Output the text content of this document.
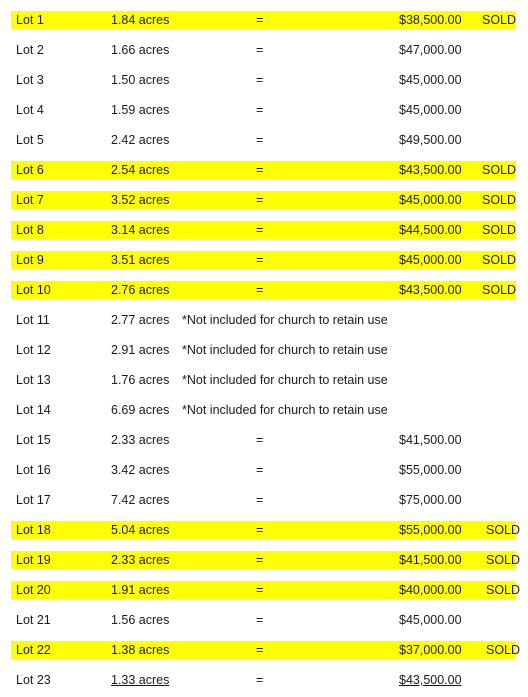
Lot 1	1.84 acres	=	$38,500.00 SOLD
Lot 2	1.66 acres	=	$47,000.00
Lot 3	1.50 acres	=	$45,000.00
Lot 4	1.59 acres	=	$45,000.00
Lot 5	2.42 acres	=	$49,500.00
Lot 6	2.54 acres	=	$43,500.00 SOLD
Lot 7	3.52 acres	=	$45,000.00 SOLD
Lot 8	3.14 acres	=	$44,500.00 SOLD
Lot 9	3.51 acres	=	$45,000.00 SOLD
Lot 10	2.76 acres	=	$43,500.00 SOLD
Lot 11	2.77 acres *Not included for church to retain use
Lot 12	2.91 acres *Not included for church to retain use
Lot 13	1.76 acres *Not included for church to retain use
Lot 14	6.69 acres *Not included for church to retain use
Lot 15	2.33 acres	=	$41,500.00
Lot 16	3.42 acres	=	$55,000.00
Lot 17	7.42 acres	=	$75,000.00
Lot 18	5.04 acres	=	$55,000.00 SOLD
Lot 19	2.33 acres	=	$41,500.00 SOLD
Lot 20	1.91 acres	=	$40,000.00 SOLD
Lot 21	1.56 acres	=	$45,000.00
Lot 22	1.38 acres	=	$37,000.00 SOLD
Lot 23	1.33 acres	=	$43,500.00
